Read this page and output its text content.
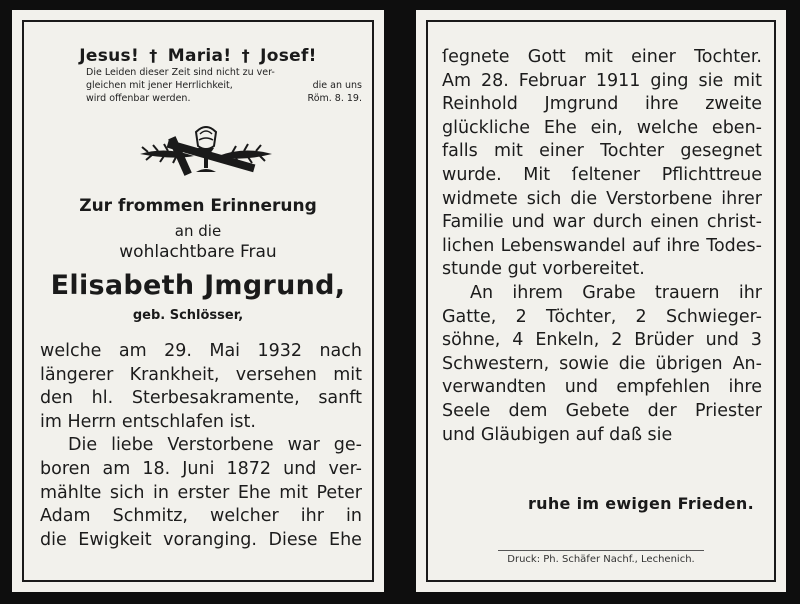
Jesus! † Maria! † Josef!
Die Leiden dieser Zeit sind nicht zu ver-
gleichen mit jener Herrlichkeit,	die an uns
wird offenbar werden.	Röm. 8. 19.
Zur frommen Erinnerung
an die
wohlachtbare Frau
Elisabeth Jmgrund,
geb. Schlösser,
welche am 29. Mai 1932 nach
längerer Krankheit, versehen mit
den hl. Sterbesakramente, sanft
im Herrn entschlafen ist.
Die liebe Verstorbene war ge-
boren am 18. Juni 1872 und ver-
mählte sich in erster Ehe mit Peter
Adam Schmitz, welcher ihr in
die Ewigkeit voranging. Diese Ehe
ſegnete Gott mit einer Tochter.
Am 28. Februar 1911 ging sie mit
Reinhold Jmgrund ihre zweite
glückliche Ehe ein, welche eben-
falls mit einer Tochter gesegnet
wurde. Mit ſeltener Pflichttreue
widmete sich die Verstorbene ihrer
Familie und war durch einen christ-
lichen Lebenswandel auf ihre Todes-
stunde gut vorbereitet.
An ihrem Grabe trauern ihr
Gatte, 2 Töchter, 2 Schwieger-
söhne, 4 Enkeln, 2 Brüder und 3
Schwestern, sowie die übrigen An-
verwandten und empfehlen ihre
Seele dem Gebete der Priester
und Gläubigen auf daß sie
ruhe im ewigen Frieden.
Druck: Ph. Schäfer Nachf., Lechenich.
